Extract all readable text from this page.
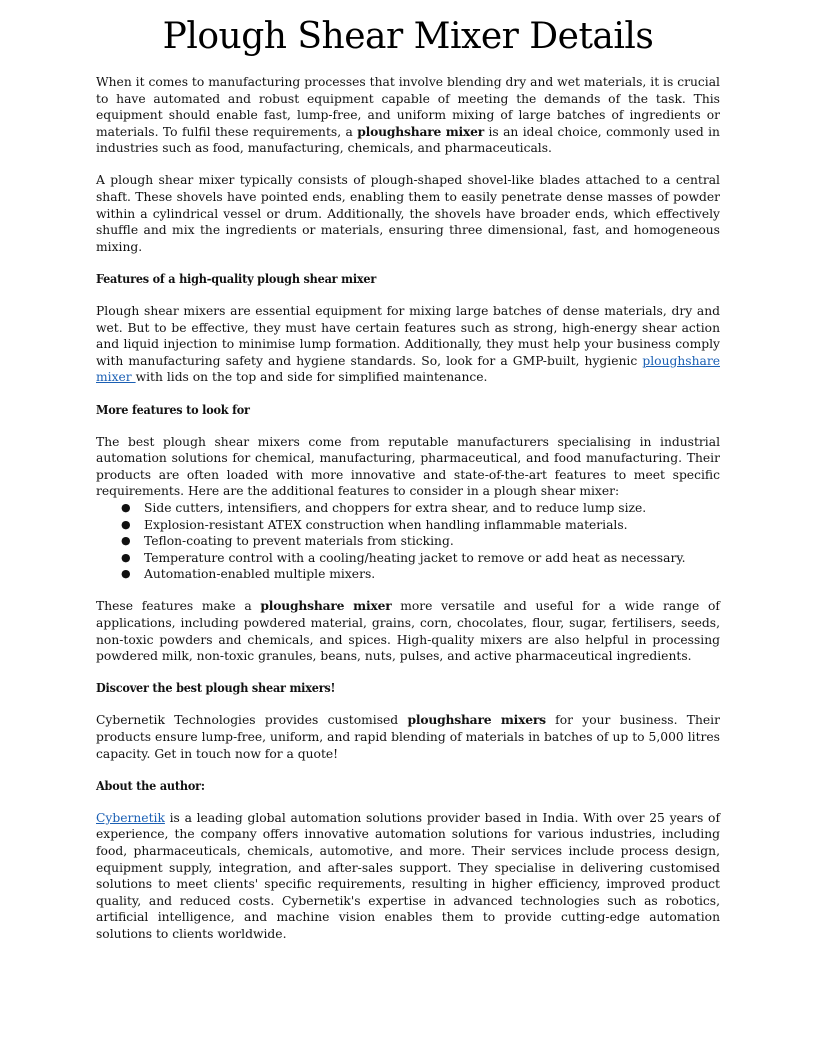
Plough Shear Mixer Details

When it comes to manufacturing processes that involve blending dry and wet materials, it is crucial to have automated and robust equipment capable of meeting the demands of the task. This equipment should enable fast, lump-free, and uniform mixing of large batches of ingredients or materials. To fulfil these requirements, a ploughshare mixer is an ideal choice, commonly used in industries such as food, manufacturing, chemicals, and pharmaceuticals.

A plough shear mixer typically consists of plough-shaped shovel-like blades attached to a central shaft. These shovels have pointed ends, enabling them to easily penetrate dense masses of powder within a cylindrical vessel or drum. Additionally, the shovels have broader ends, which effectively shuffle and mix the ingredients or materials, ensuring three dimensional, fast, and homogeneous mixing.

Features of a high-quality plough shear mixer

Plough shear mixers are essential equipment for mixing large batches of dense materials, dry and wet. But to be effective, they must have certain features such as strong, high-energy shear action and liquid injection to minimise lump formation. Additionally, they must help your business comply with manufacturing safety and hygiene standards. So, look for a GMP-built, hygienic ploughshare mixer with lids on the top and side for simplified maintenance.

More features to look for

The best plough shear mixers come from reputable manufacturers specialising in industrial automation solutions for chemical, manufacturing, pharmaceutical, and food manufacturing. Their products are often loaded with more innovative and state-of-the-art features to meet specific requirements. Here are the additional features to consider in a plough shear mixer:

● Side cutters, intensifiers, and choppers for extra shear, and to reduce lump size.
● Explosion-resistant ATEX construction when handling inflammable materials.
● Teflon-coating to prevent materials from sticking.
● Temperature control with a cooling/heating jacket to remove or add heat as necessary.
● Automation-enabled multiple mixers.

These features make a ploughshare mixer more versatile and useful for a wide range of applications, including powdered material, grains, corn, chocolates, flour, sugar, fertilisers, seeds, non-toxic powders and chemicals, and spices. High-quality mixers are also helpful in processing powdered milk, non-toxic granules, beans, nuts, pulses, and active pharmaceutical ingredients.

Discover the best plough shear mixers!

Cybernetik Technologies provides customised ploughshare mixers for your business. Their products ensure lump-free, uniform, and rapid blending of materials in batches of up to 5,000 litres capacity. Get in touch now for a quote!

About the author:

Cybernetik is a leading global automation solutions provider based in India. With over 25 years of experience, the company offers innovative automation solutions for various industries, including food, pharmaceuticals, chemicals, automotive, and more. Their services include process design, equipment supply, integration, and after-sales support. They specialise in delivering customised solutions to meet clients' specific requirements, resulting in higher efficiency, improved product quality, and reduced costs. Cybernetik's expertise in advanced technologies such as robotics, artificial intelligence, and machine vision enables them to provide cutting-edge automation solutions to clients worldwide.
